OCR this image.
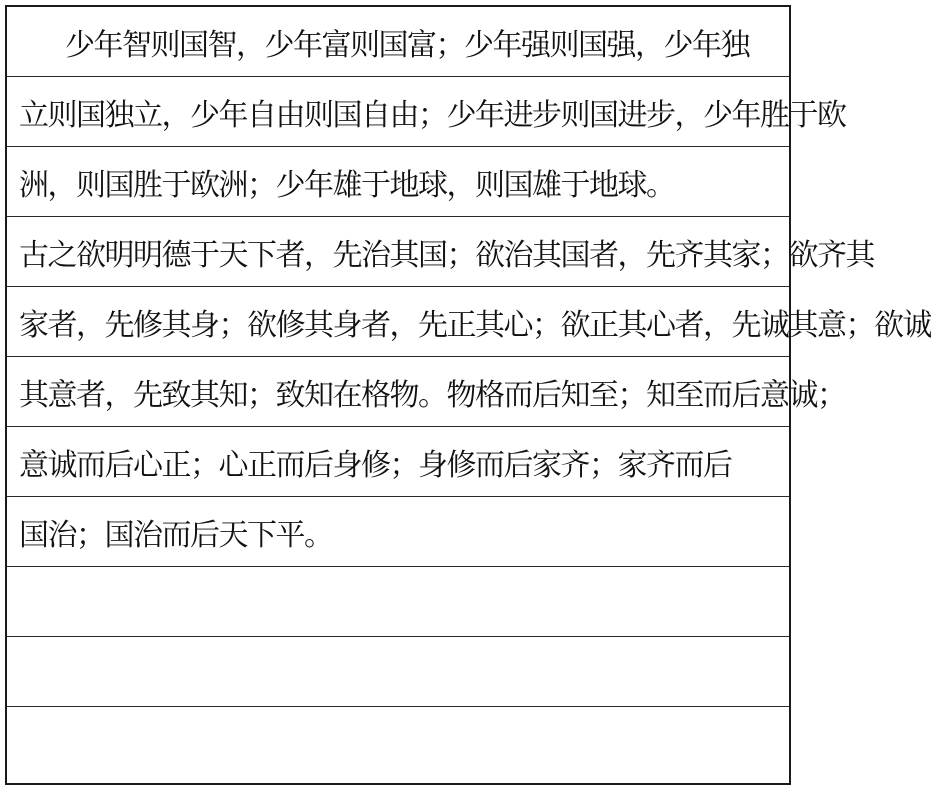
少年智则国智，少年富则国富；少年强则国强，少年独
立则国独立，少年自由则国自由；少年进步则国进步，少年胜于欧
洲，则国胜于欧洲；少年雄于地球，则国雄于地球。
古之欲明明德于天下者，先治其国；欲治其国者，先齐其家；欲齐其
家者，先修其身；欲修其身者，先正其心；欲正其心者，先诚其意；欲诚
其意者，先致其知；致知在格物。物格而后知至；知至而后意诚；
意诚而后心正；心正而后身修；身修而后家齐；家齐而后
国治；国治而后天下平。
